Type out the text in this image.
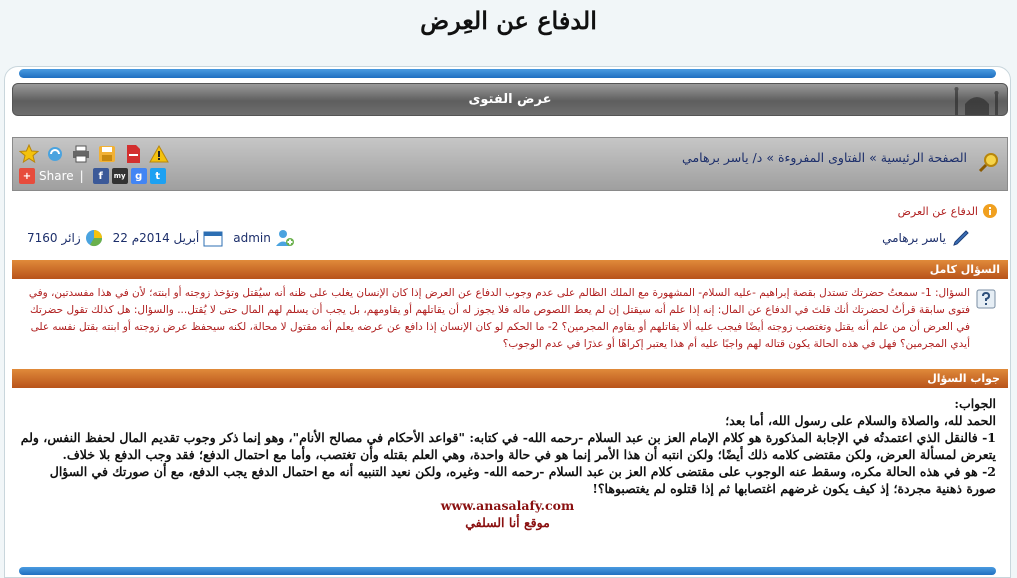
الدفاع عن العِرض
عرض الفتوى
الصفحة الرئيسية » الفتاوى المفروءة » د/ ياسر برهامي
+ Share |	f	my g	t
الدفاع عن العرض
ياسر برهامي
7160 زائر	22 أبريل 2014م	admin
السؤال كامل
السؤال: 1- سمعتُ حضرتك تستدل بقصة إبراهيم -عليه السلام- المشهورة مع الملك الظالم على عدم وجوب الدفاع عن العرض إذا كان الإنسان يغلب على ظنه أنه سيُقتل وتؤخذ زوجته أو ابنته؛ لأن في هذا مفسدتين، وفي فتوى سابقة قرأتُ لحضرتك أنك قلتَ في الدفاع عن المال: إنه إذا علم أنه سيقتل إن لم يعط اللصوص ماله فلا يجوز له أن يقاتلهم أو يقاومهم، بل يجب أن يسلم لهم المال حتى لا يُقتل... والسؤال: هل كذلك تقول حضرتك في العرض أن من علم أنه يقتل وتغتصب زوجته أيضًا فيجب عليه ألا يقاتلهم أو يقاوم المجرمين؟ 2- ما الحكم لو كان الإنسان إذا دافع عن عرضه يعلم أنه مقتول لا محالة، لكنه سيحفظ عرض زوجته أو ابنته بقتل نفسه على أيدي المجرمين؟ فهل في هذه الحالة يكون قتاله لهم واجبًا عليه أم هذا يعتبر إكراهًا أو عذرًا في عدم الوجوب؟
جواب السؤال

الجواب:

الحمد لله، والصلاة والسلام على رسول الله، أما بعد؛

1- فالنقل الذي اعتمدتُه في الإجابة المذكورة هو كلام الإمام العز بن عبد السلام -رحمه الله- في كتابه: "قواعد الأحكام في مصالح الأنام"، وهو إنما ذكر وجوب تقديم المال لحفظ النفس، ولم يتعرض لمسألة العرض، ولكن مقتضى كلامه ذلك أيضًا؛ ولكن انتبه أن هذا الأمر إنما هو في حالة واحدة، وهي العلم بقتله وأن تغتصب، وأما مع احتمال الدفع؛ فقد وجب الدفع بلا خلاف.

2- هو في هذه الحالة مكره، وسقط عنه الوجوب على مقتضى كلام العز بن عبد السلام -رحمه الله- وغيره، ولكن نعيد التنبيه أنه مع احتمال الدفع يجب الدفع، مع أن صورتك في السؤال صورة ذهنية مجردة؛ إذ كيف يكون غرضهم اغتصابها ثم إذا قتلوه لم يغتصبوها؟!

www.anasalafy.com

موقع أنا السلفي
